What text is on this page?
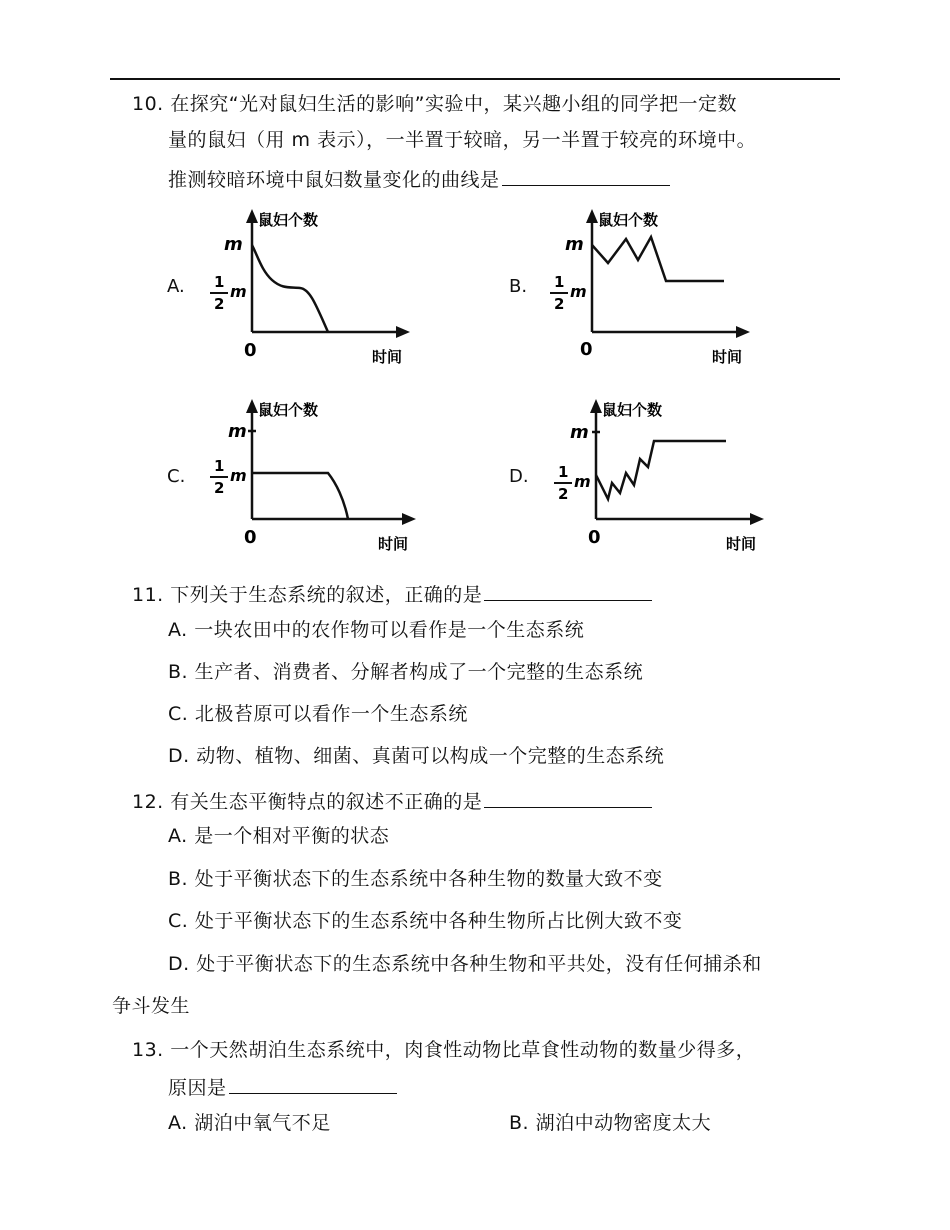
10. 在探究“光对鼠妇生活的影响”实验中，某兴趣小组的同学把一定数
量的鼠妇（用 m 表示），一半置于较暗，另一半置于较亮的环境中。
推测较暗环境中鼠妇数量变化的曲线是
A.	B.
C.	D.
鼠妇个数
m
1
2
m
0	时间
鼠妇个数
m
1
2
m
0	时间
鼠妇个数
m
1
2
m
0	时间
鼠妇个数
m
1
2
m
0	时间
11. 下列关于生态系统的叙述，正确的是
A. 一块农田中的农作物可以看作是一个生态系统
B. 生产者、消费者、分解者构成了一个完整的生态系统
C. 北极苔原可以看作一个生态系统
D. 动物、植物、细菌、真菌可以构成一个完整的生态系统
12. 有关生态平衡特点的叙述不正确的是
A. 是一个相对平衡的状态
B. 处于平衡状态下的生态系统中各种生物的数量大致不变
C. 处于平衡状态下的生态系统中各种生物所占比例大致不变
D. 处于平衡状态下的生态系统中各种生物和平共处，没有任何捕杀和
争斗发生
13. 一个天然胡泊生态系统中，肉食性动物比草食性动物的数量少得多，
原因是
A. 湖泊中氧气不足	B. 湖泊中动物密度太大
